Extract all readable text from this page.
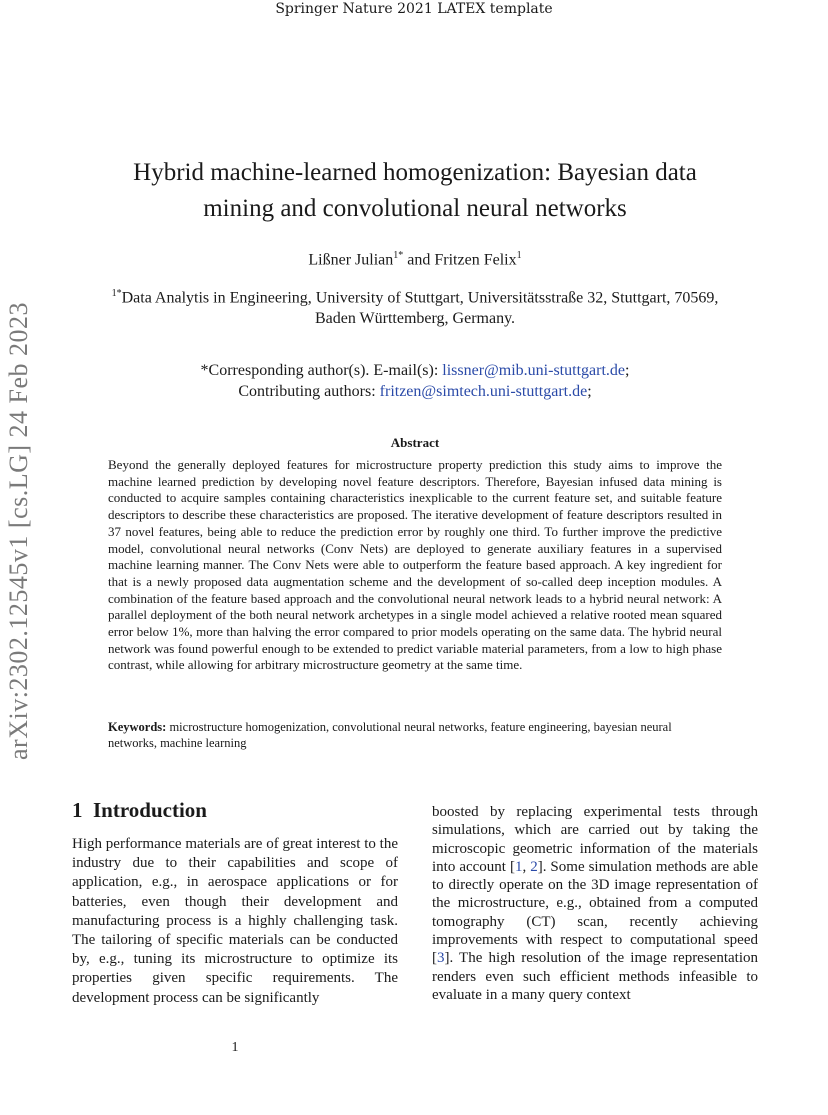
Springer Nature 2021 LATEX template
arXiv:2302.12545v1 [cs.LG] 24 Feb 2023
Hybrid machine-learned homogenization: Bayesian data mining and convolutional neural networks
Lißner Julian$^{1*}$ and Fritzen Felix$^1$
$^{1*}$Data Analytis in Engineering, University of Stuttgart, Universitätsstraße 32, Stuttgart, 70569, Baden Württemberg, Germany.
*Corresponding author(s). E-mail(s): lissner@mib.uni-stuttgart.de;
Contributing authors: fritzen@simtech.uni-stuttgart.de;
Abstract

Beyond the generally deployed features for microstructure property prediction this study aims to improve the machine learned prediction by developing novel feature descriptors. Therefore, Bayesian infused data mining is conducted to acquire samples containing characteristics inexplicable to the current feature set, and suitable feature descriptors to describe these characteristics are proposed. The iterative development of feature descriptors resulted in 37 novel features, being able to reduce the prediction error by roughly one third. To further improve the predictive model, convolutional neural networks (Conv Nets) are deployed to generate auxiliary features in a supervised machine learning manner. The Conv Nets were able to outperform the feature based approach. A key ingredient for that is a newly proposed data augmentation scheme and the development of so-called deep inception modules. A combination of the feature based approach and the convolutional neural network leads to a hybrid neural network: A parallel deployment of the both neural network archetypes in a single model achieved a relative rooted mean squared error below 1%, more than halving the error compared to prior models operating on the same data. The hybrid neural network was found powerful enough to be extended to predict variable material parameters, from a low to high phase contrast, while allowing for arbitrary microstructure geometry at the same time.

Keywords: microstructure homogenization, convolutional neural networks, feature engineering, bayesian neural networks, machine learning
1 Introduction

High performance materials are of great interest to the industry due to their capabilities and scope of application, e.g., in aerospace applications or for batteries, even though their development and manufacturing process is a highly challenging task. The tailoring of specific materials can be conducted by, e.g., tuning its microstructure to optimize its properties given specific requirements. The development process can be significantly

boosted by replacing experimental tests through simulations, which are carried out by taking the microscopic geometric information of the materials into account [1, 2]. Some simulation methods are able to directly operate on the 3D image representation of the microstructure, e.g., obtained from a computed tomography (CT) scan, recently achieving improvements with respect to computational speed [3]. The high resolution of the image representation renders even such efficient methods infeasible to evaluate in a many query context

1
